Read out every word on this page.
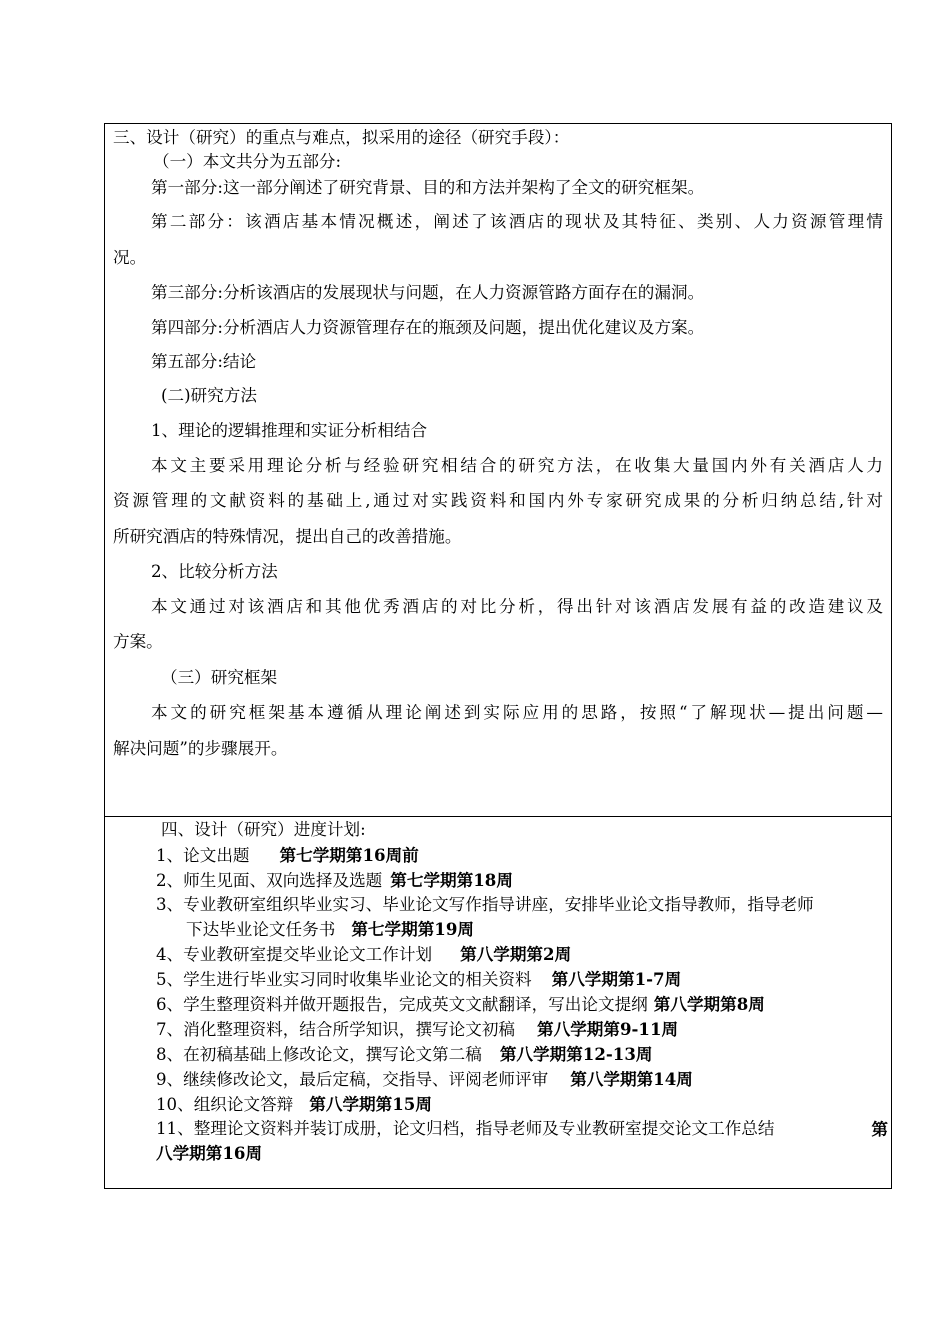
三、设计（研究）的重点与难点，拟采用的途径（研究手段）：
（一）本文共分为五部分:
第一部分:这一部分阐述了研究背景、目的和方法并架构了全文的研究框架。
第二部分：该酒店基本情况概述，阐述了该酒店的现状及其特征、类别、人力资源管理情
况。
第三部分:分析该酒店的发展现状与问题，在人力资源管路方面存在的漏洞。
第四部分:分析酒店人力资源管理存在的瓶颈及问题，提出优化建议及方案。
第五部分:结论
(二)研究方法
1、理论的逻辑推理和实证分析相结合
本文主要采用理论分析与经验研究相结合的研究方法，在收集大量国内外有关酒店人力
资源管理的文献资料的基础上,通过对实践资料和国内外专家研究成果的分析归纳总结,针对
所研究酒店的特殊情况，提出自己的改善措施。
2、比较分析方法
本文通过对该酒店和其他优秀酒店的对比分析，得出针对该酒店发展有益的改造建议及
方案。
（三）研究框架
本文的研究框架基本遵循从理论阐述到实际应用的思路，按照“了解现状—提出问题—
解决问题”的步骤展开。

四、设计（研究）进度计划:
1、论文出题 第七学期第16周前
2、师生见面、双向选择及选题 第七学期第18周
3、专业教研室组织毕业实习、毕业论文写作指导讲座，安排毕业论文指导教师，指导老师
下达毕业论文任务书 第七学期第19周
4、专业教研室提交毕业论文工作计划 第八学期第2周
5、学生进行毕业实习同时收集毕业论文的相关资料 第八学期第1-7周
6、学生整理资料并做开题报告，完成英文文献翻译，写出论文提纲 第八学期第8周
7、消化整理资料，结合所学知识，撰写论文初稿 第八学期第9-11周
8、在初稿基础上修改论文，撰写论文第二稿 第八学期第12-13周
9、继续修改论文，最后定稿，交指导、评阅老师评审 第八学期第14周
10、组织论文答辩 第八学期第15周
11、整理论文资料并装订成册，论文归档，指导老师及专业教研室提交论文工作总结	第
八学期第16周
